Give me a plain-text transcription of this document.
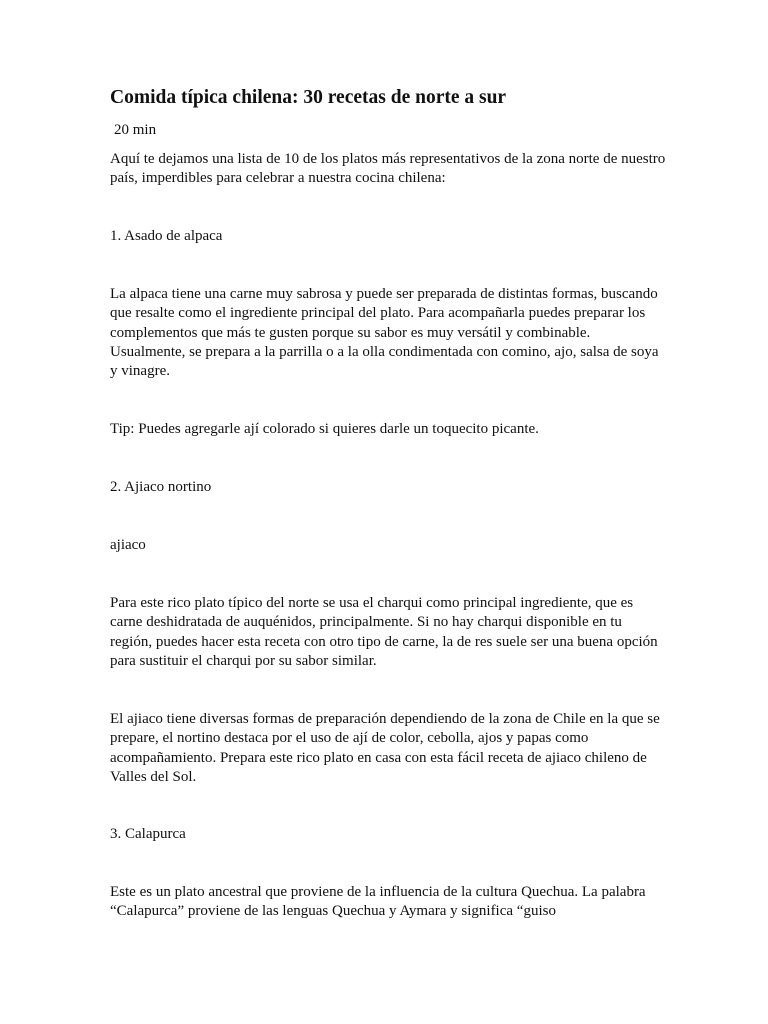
Comida típica chilena: 30 recetas de norte a sur
20 min

Aquí te dejamos una lista de 10 de los platos más representativos de la zona norte de nuestro país, imperdibles para celebrar a nuestra cocina chilena:

1. Asado de alpaca

La alpaca tiene una carne muy sabrosa y puede ser preparada de distintas formas, buscando que resalte como el ingrediente principal del plato. Para acompañarla puedes preparar los complementos que más te gusten porque su sabor es muy versátil y combinable. Usualmente, se prepara a la parrilla o a la olla condimentada con comino, ajo, salsa de soya y vinagre.

Tip: Puedes agregarle ají colorado si quieres darle un toquecito picante.

2. Ajiaco nortino

ajiaco

Para este rico plato típico del norte se usa el charqui como principal ingrediente, que es carne deshidratada de auquénidos, principalmente. Si no hay charqui disponible en tu región, puedes hacer esta receta con otro tipo de carne, la de res suele ser una buena opción para sustituir el charqui por su sabor similar.

El ajiaco tiene diversas formas de preparación dependiendo de la zona de Chile en la que se prepare, el nortino destaca por el uso de ají de color, cebolla, ajos y papas como acompañamiento. Prepara este rico plato en casa con esta fácil receta de ajiaco chileno de Valles del Sol.

3. Calapurca

Este es un plato ancestral que proviene de la influencia de la cultura Quechua. La palabra “Calapurca” proviene de las lenguas Quechua y Aymara y significa “guiso
